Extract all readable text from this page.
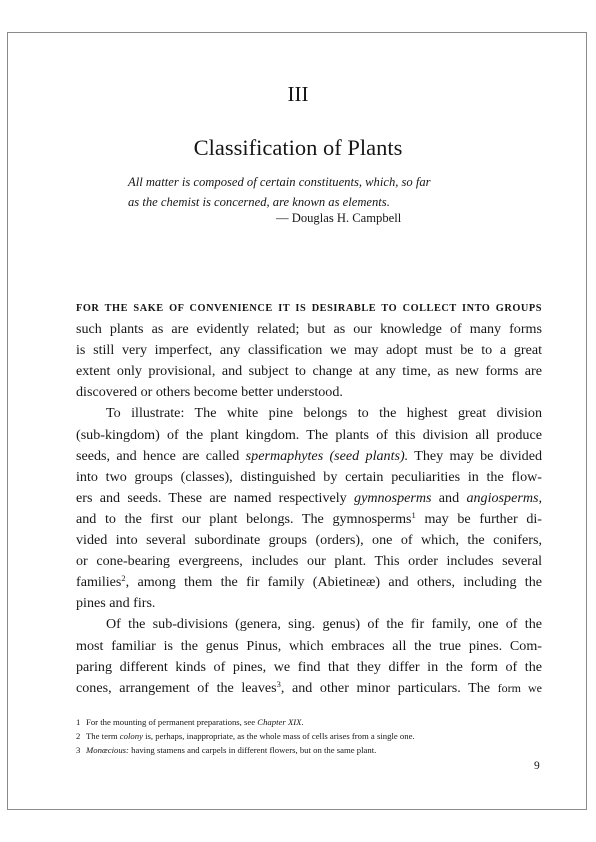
III
Classification of Plants
All matter is composed of certain constituents, which, so far
as the chemist is concerned, are known as elements.
— Douglas H. Campbell
FOR THE SAKE OF CONVENIENCE IT IS DESIRABLE TO COLLECT INTO GROUPS
such plants as are evidently related; but as our knowledge of many forms
is still very imperfect, any classification we may adopt must be to a great
extent only provisional, and subject to change at any time, as new forms are
discovered or others become better understood.
To illustrate: The white pine belongs to the highest great division
(sub-kingdom) of the plant kingdom. The plants of this division all produce
seeds, and hence are called spermaphytes (seed plants). They may be divided
into two groups (classes), distinguished by certain peculiarities in the flow-
ers and seeds. These are named respectively gymnosperms and angiosperms,
and to the first our plant belongs. The gymnosperms$^1$ may be further di-
vided into several subordinate groups (orders), one of which, the conifers,
or cone-bearing evergreens, includes our plant. This order includes several
families$^2$, among them the fir family (Abietineæ) and others, including the
pines and firs.
Of the sub-divisions (genera, sing. genus) of the fir family, one of the
most familiar is the genus Pinus, which embraces all the true pines. Com-
paring different kinds of pines, we find that they differ in the form of the
cones, arrangement of the leaves$^3$, and other minor particulars. The form we
1 For the mounting of permanent preparations, see Chapter XIX.
2 The term colony is, perhaps, inappropriate, as the whole mass of cells arises from a single one.
3 Monœcious: having stamens and carpels in different flowers, but on the same plant.
9
